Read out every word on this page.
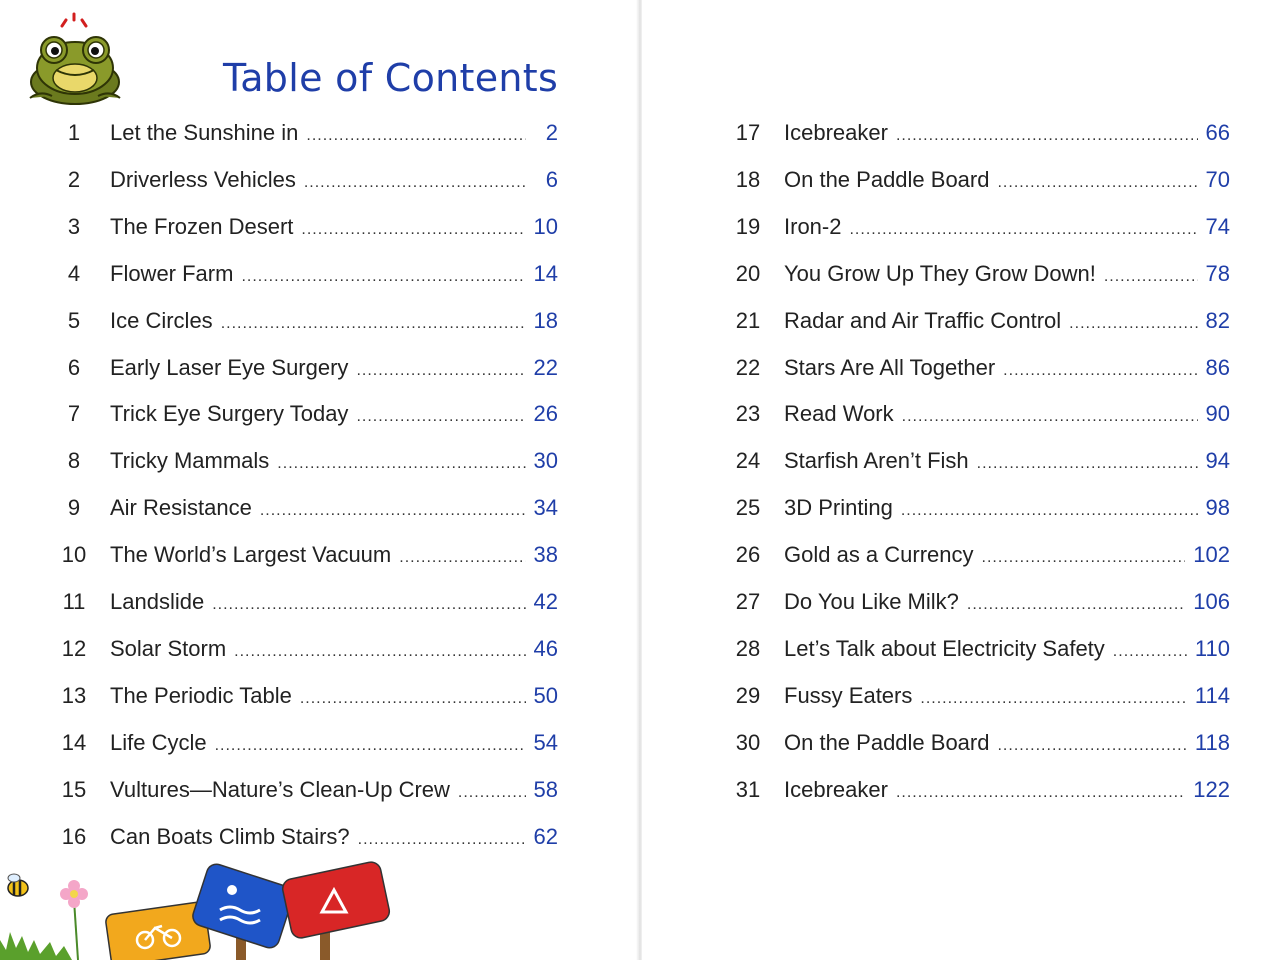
Table of Contents
1	Let the Sunshine in .....	2
2	Driverless Vehicles .....	6
3	The Frozen Desert .....	10
4	Flower Farm .....	14
5	Ice Circles .....	18
6	Early Laser Eye Surgery .....	22
7	Trick Eye Surgery Today .....	26
8	Tricky Mammals .....	30
9	Air Resistance .....	34
10	The World’s Largest Vacuum .....	38
11	Landslide .....	42
12	Solar Storm .....	46
13	The Periodic Table .....	50
14	Life Cycle .....	54
15	Vultures—Nature’s Clean-Up Crew .....	58
16	Can Boats Climb Stairs? .....	62
17	Icebreaker .....	66
18	On the Paddle Board .....	70
19	Iron-2 .....	74
20	You Grow Up They Grow Down! .....	78
21	Radar and Air Traffic Control .....	82
22	Stars Are All Together .....	86
23	Read Work .....	90
24	Starfish Aren’t Fish .....	94
25	3D Printing .....	98
26	Gold as a Currency .....	102
27	Do You Like Milk? .....	106
28	Let’s Talk about Electricity Safety .....	110
29	Fussy Eaters .....	114
30	On the Paddle Board .....	118
31	Icebreaker .....	122
